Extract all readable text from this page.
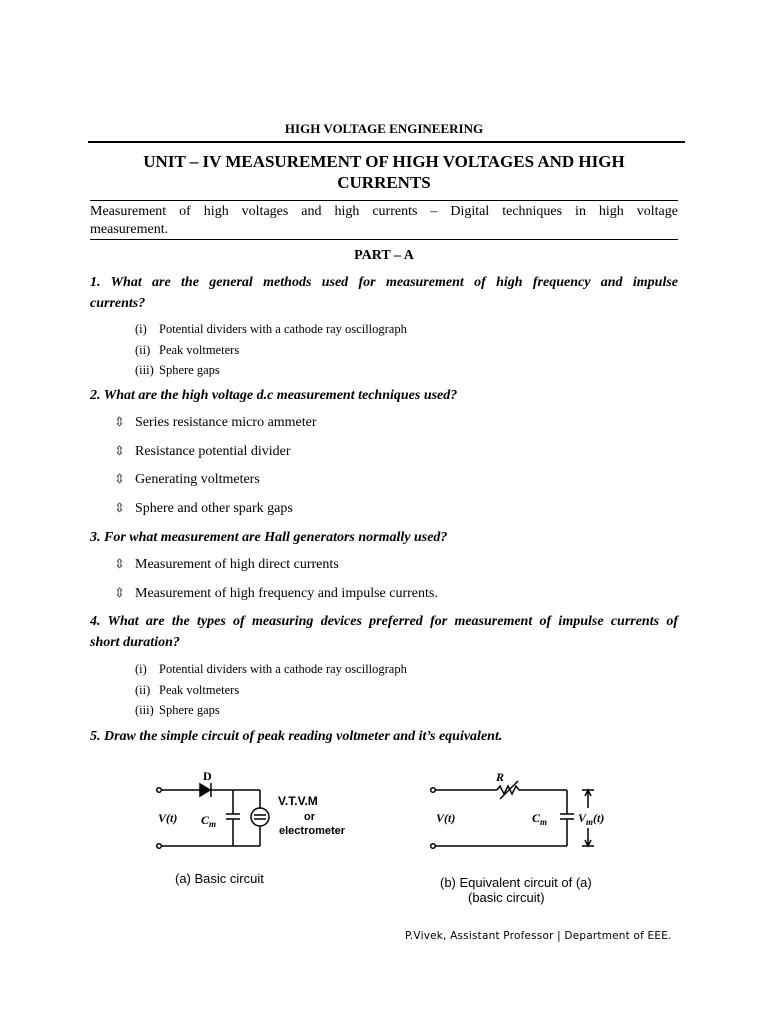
HIGH VOLTAGE ENGINEERING
UNIT – IV MEASUREMENT OF HIGH VOLTAGES AND HIGH
CURRENTS
Measurement of high voltages and high currents – Digital techniques in high voltage
measurement.
PART – A
1. What are the general methods used for measurement of high frequency and impulse
currents?
(i) Potential dividers with a cathode ray oscillograph
(ii) Peak voltmeters
(iii) Sphere gaps
2. What are the high voltage d.c measurement techniques used?
⇳ Series resistance micro ammeter
⇳ Resistance potential divider
⇳ Generating voltmeters
⇳ Sphere and other spark gaps
3. For what measurement are Hall generators normally used?
⇳ Measurement of high direct currents
⇳ Measurement of high frequency and impulse currents.
4. What are the types of measuring devices preferred for measurement of impulse currents of
short duration?
(i) Potential dividers with a cathode ray oscillograph
(ii) Peak voltmeters
(iii) Sphere gaps
5. Draw the simple circuit of peak reading voltmeter and it’s equivalent.
D
V(t) $C_m$
V.T.V.M
or
electrometer
(a) Basic circuit
R
V(t)	$C_m$	$V_m(t)$
(b) Equivalent circuit of (a)
(basic circuit)
P.Vivek, Assistant Professor | Department of EEE.
